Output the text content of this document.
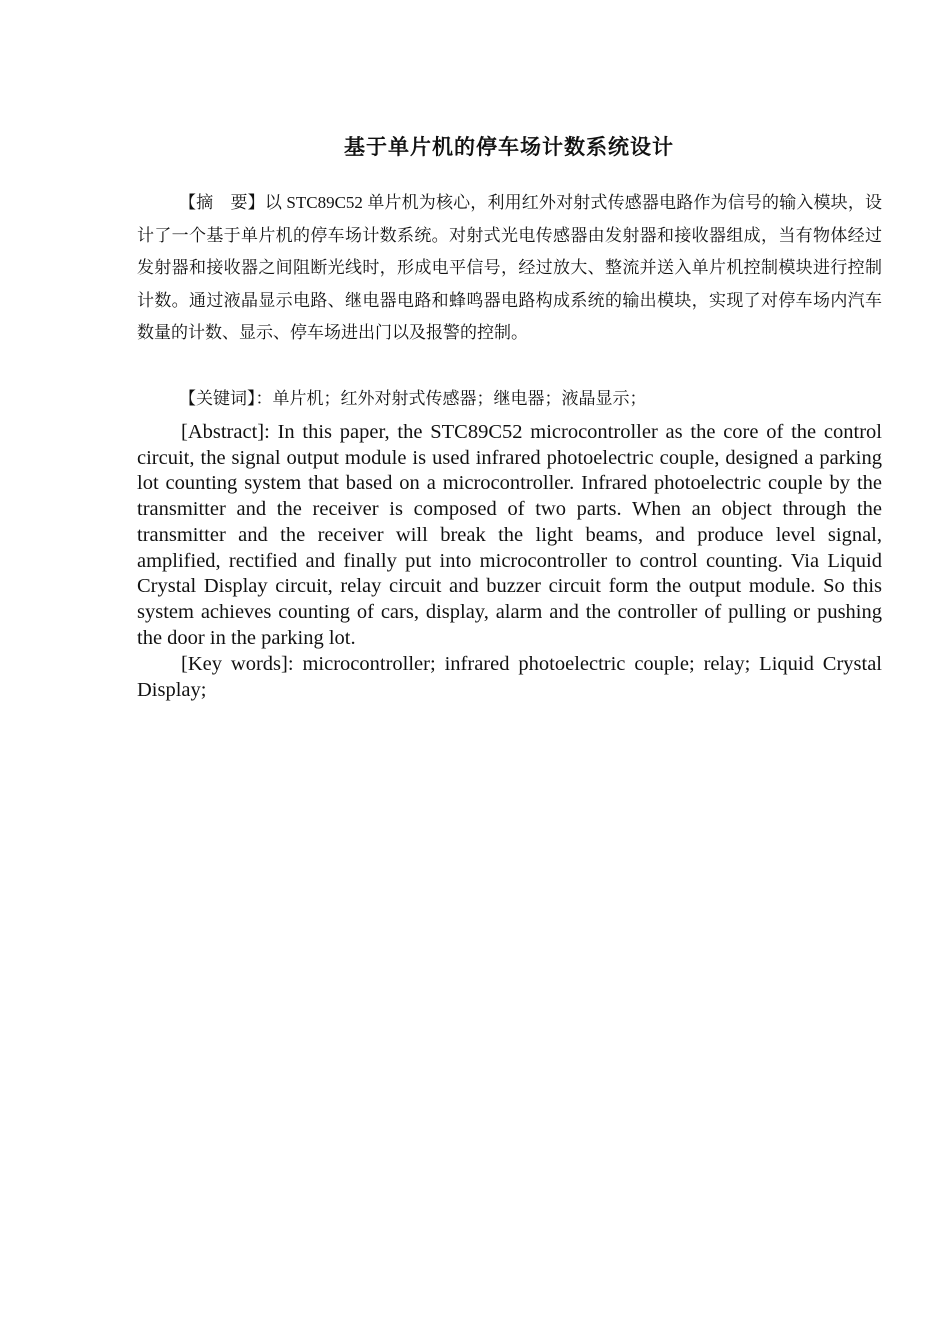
基于单片机的停车场计数系统设计

【摘　要】以 STC89C52 单片机为核心，利用红外对射式传感器电路作为信号的输入模块，设计了一个基于单片机的停车场计数系统。对射式光电传感器由发射器和接收器组成，当有物体经过发射器和接收器之间阻断光线时，形成电平信号，经过放大、整流并送入单片机控制模块进行控制计数。通过液晶显示电路、继电器电路和蜂鸣器电路构成系统的输出模块，实现了对停车场内汽车数量的计数、显示、停车场进出门以及报警的控制。

【关键词】：单片机；红外对射式传感器；继电器；液晶显示；

[Abstract]: In this paper, the STC89C52 microcontroller as the core of the control circuit, the signal output module is used infrared photoelectric couple, designed a parking lot counting system that based on a microcontroller. Infrared photoelectric couple by the transmitter and the receiver is composed of two parts. When an object through the transmitter and the receiver will break the light beams, and produce level signal, amplified, rectified and finally put into microcontroller to control counting. Via Liquid Crystal Display circuit, relay circuit and buzzer circuit form the output module. So this system achieves counting of cars, display, alarm and the controller of pulling or pushing the door in the parking lot.

[Key words]: microcontroller; infrared photoelectric couple; relay; Liquid Crystal Display;
